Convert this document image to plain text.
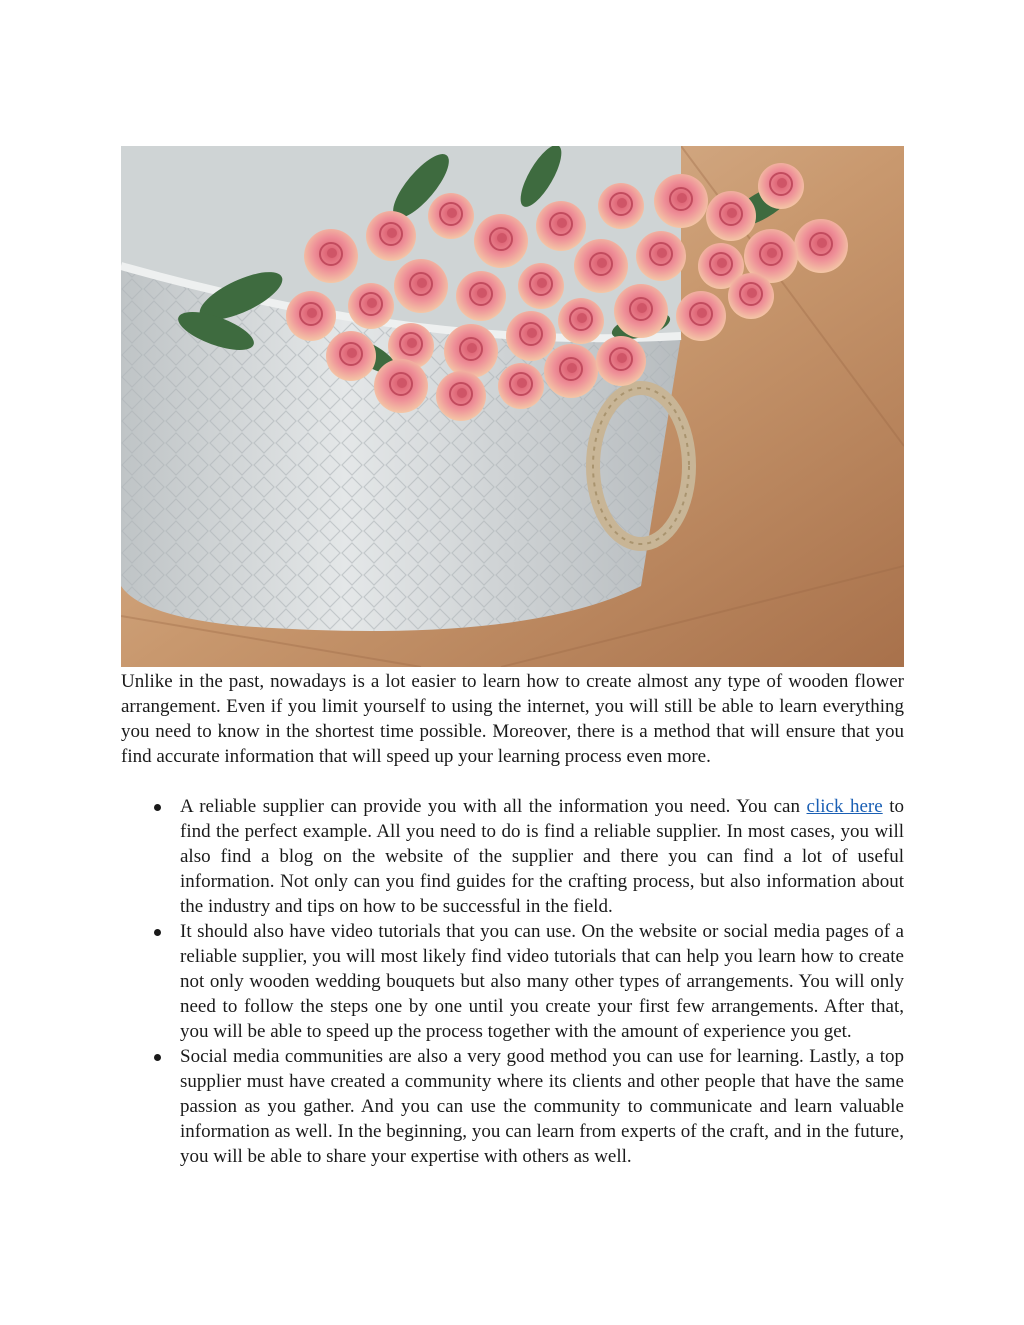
Unlike in the past, nowadays is a lot easier to learn how to create almost any type of wooden flower arrangement. Even if you limit yourself to using the internet, you will still be able to learn everything you need to know in the shortest time possible. Moreover, there is a method that will ensure that you find accurate information that will speed up your learning process even more.

A reliable supplier can provide you with all the information you need. You can click here to find the perfect example. All you need to do is find a reliable supplier. In most cases, you will also find a blog on the website of the supplier and there you can find a lot of useful information. Not only can you find guides for the crafting process, but also information about the industry and tips on how to be successful in the field.
It should also have video tutorials that you can use. On the website or social media pages of a reliable supplier, you will most likely find video tutorials that can help you learn how to create not only wooden wedding bouquets but also many other types of arrangements. You will only need to follow the steps one by one until you create your first few arrangements. After that, you will be able to speed up the process together with the amount of experience you get.
Social media communities are also a very good method you can use for learning. Lastly, a top supplier must have created a community where its clients and other people that have the same passion as you gather. And you can use the community to communicate and learn valuable information as well. In the beginning, you can learn from experts of the craft, and in the future, you will be able to share your expertise with others as well.
